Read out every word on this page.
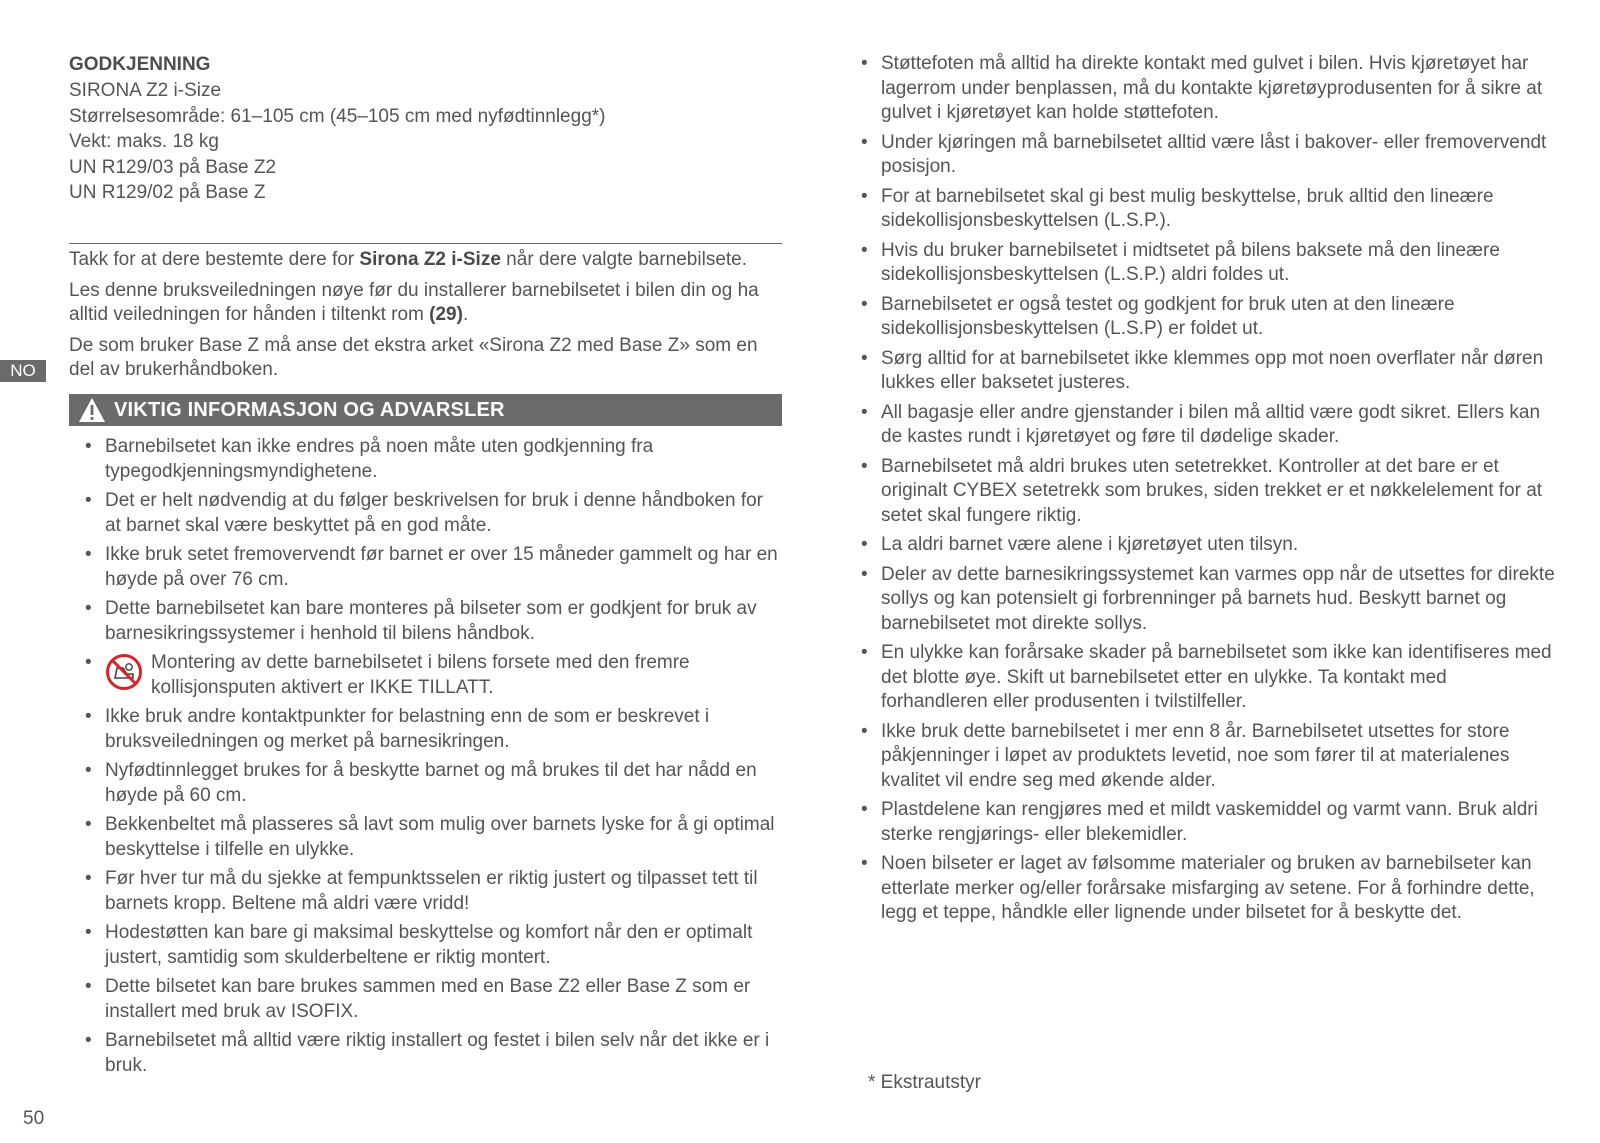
GODKJENNING
SIRONA Z2 i-Size
Størrelsesområde: 61–105 cm (45–105 cm med nyfødtinnlegg*)
Vekt: maks. 18 kg
UN R129/03 på Base Z2
UN R129/02 på Base Z

Takk for at dere bestemte dere for Sirona Z2 i-Size når dere valgte barnebilsete.

Les denne bruksveiledningen nøye før du installerer barnebilsetet i bilen din og ha alltid veiledningen for hånden i tiltenkt rom (29).

De som bruker Base Z må anse det ekstra arket «Sirona Z2 med Base Z» som en del av brukerhåndboken.

NO
VIKTIG INFORMASJON OG ADVARSLER
• Barnebilsetet kan ikke endres på noen måte uten godkjenning fra typegodkjenningsmyndighetene.
• Det er helt nødvendig at du følger beskrivelsen for bruk i denne håndboken for at barnet skal være beskyttet på en god måte.
• Ikke bruk setet fremovervendt før barnet er over 15 måneder gammelt og har en høyde på over 76 cm.
• Dette barnebilsetet kan bare monteres på bilseter som er godkjent for bruk av barnesikringssystemer i henhold til bilens håndbok.
•	Montering av dette barnebilsetet i bilens forsete med den fremre kollisjonsputen aktivert er IKKE TILLATT.
• Ikke bruk andre kontaktpunkter for belastning enn de som er beskrevet i bruksveiledningen og merket på barnesikringen.
• Nyfødtinnlegget brukes for å beskytte barnet og må brukes til det har nådd en høyde på 60 cm.
• Bekkenbeltet må plasseres så lavt som mulig over barnets lyske for å gi optimal beskyttelse i tilfelle en ulykke.
• Før hver tur må du sjekke at fempunktsselen er riktig justert og tilpasset tett til barnets kropp. Beltene må aldri være vridd!
• Hodestøtten kan bare gi maksimal beskyttelse og komfort når den er optimalt justert, samtidig som skulderbeltene er riktig montert.
• Dette bilsetet kan bare brukes sammen med en Base Z2 eller Base Z som er installert med bruk av ISOFIX.
• Barnebilsetet må alltid være riktig installert og festet i bilen selv når det ikke er i bruk.
• Støttefoten må alltid ha direkte kontakt med gulvet i bilen. Hvis kjøretøyet har lagerrom under benplassen, må du kontakte kjøretøyprodusenten for å sikre at gulvet i kjøretøyet kan holde støttefoten.
• Under kjøringen må barnebilsetet alltid være låst i bakover- eller fremovervendt posisjon.
• For at barnebilsetet skal gi best mulig beskyttelse, bruk alltid den lineære sidekollisjonsbeskyttelsen (L.S.P.).
• Hvis du bruker barnebilsetet i midtsetet på bilens baksete må den lineære sidekollisjonsbeskyttelsen (L.S.P.) aldri foldes ut.
• Barnebilsetet er også testet og godkjent for bruk uten at den lineære sidekollisjonsbeskyttelsen (L.S.P) er foldet ut.
• Sørg alltid for at barnebilsetet ikke klemmes opp mot noen overflater når døren lukkes eller baksetet justeres.
• All bagasje eller andre gjenstander i bilen må alltid være godt sikret. Ellers kan de kastes rundt i kjøretøyet og føre til dødelige skader.
• Barnebilsetet må aldri brukes uten setetrekket. Kontroller at det bare er et originalt CYBEX setetrekk som brukes, siden trekket er et nøkkelelement for at setet skal fungere riktig.
• La aldri barnet være alene i kjøretøyet uten tilsyn.
• Deler av dette barnesikringssystemet kan varmes opp når de utsettes for direkte sollys og kan potensielt gi forbrenninger på barnets hud. Beskytt barnet og barnebilsetet mot direkte sollys.
• En ulykke kan forårsake skader på barnebilsetet som ikke kan identifiseres med det blotte øye. Skift ut barnebilsetet etter en ulykke. Ta kontakt med forhandleren eller produsenten i tvilstilfeller.
• Ikke bruk dette barnebilsetet i mer enn 8 år. Barnebilsetet utsettes for store påkjenninger i løpet av produktets levetid, noe som fører til at materialenes kvalitet vil endre seg med økende alder.
• Plastdelene kan rengjøres med et mildt vaskemiddel og varmt vann. Bruk aldri sterke rengjørings- eller blekemidler.
• Noen bilseter er laget av følsomme materialer og bruken av barnebilseter kan etterlate merker og/eller forårsake misfarging av setene. For å forhindre dette, legg et teppe, håndkle eller lignende under bilsetet for å beskytte det.
* Ekstrautstyr
50
